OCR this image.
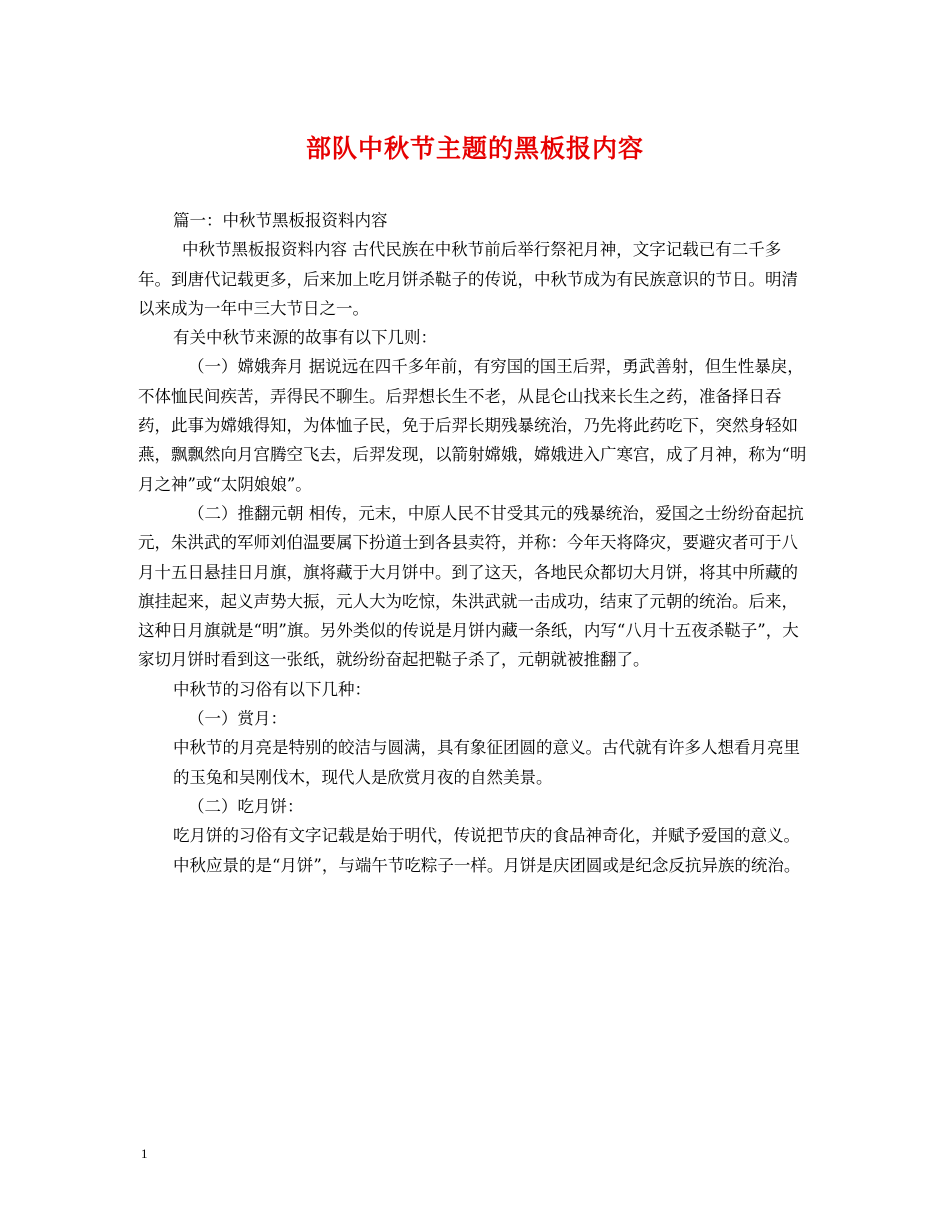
部队中秋节主题的黑板报内容

篇一：中秋节黑板报资料内容

中秋节黑板报资料内容 古代民族在中秋节前后举行祭祀月神，文字记载已有二千多年。到唐代记载更多，后来加上吃月饼杀鞑子的传说，中秋节成为有民族意识的节日。明清以来成为一年中三大节日之一。

有关中秋节来源的故事有以下几则：

（一）嫦娥奔月 据说远在四千多年前，有穷国的国王后羿，勇武善射，但生性暴戾，不体恤民间疾苦，弄得民不聊生。后羿想长生不老，从昆仑山找来长生之药，准备择日吞药，此事为嫦娥得知，为体恤子民，免于后羿长期残暴统治，乃先将此药吃下，突然身轻如燕，飘飘然向月宫腾空飞去，后羿发现，以箭射嫦娥，嫦娥进入广寒宫，成了月神，称为“明月之神”或“太阴娘娘”。

（二）推翻元朝 相传，元末，中原人民不甘受其元的残暴统治，爱国之士纷纷奋起抗元，朱洪武的军师刘伯温要属下扮道士到各县卖符，并称：今年天将降灾，要避灾者可于八月十五日悬挂日月旗，旗将藏于大月饼中。到了这天，各地民众都切大月饼，将其中所藏的旗挂起来，起义声势大振，元人大为吃惊，朱洪武就一击成功，结束了元朝的统治。后来，这种日月旗就是“明”旗。另外类似的传说是月饼内藏一条纸，内写“八月十五夜杀鞑子”，大家切月饼时看到这一张纸，就纷纷奋起把鞑子杀了，元朝就被推翻了。

中秋节的习俗有以下几种：

（一）赏月：

中秋节的月亮是特别的皎洁与圆满，具有象征团圆的意义。古代就有许多人想看月亮里的玉兔和吴刚伐木，现代人是欣赏月夜的自然美景。

（二）吃月饼：

吃月饼的习俗有文字记载是始于明代，传说把节庆的食品神奇化，并赋予爱国的意义。 中秋应景的是“月饼”，与端午节吃粽子一样。月饼是庆团圆或是纪念反抗异族的统治。

1
